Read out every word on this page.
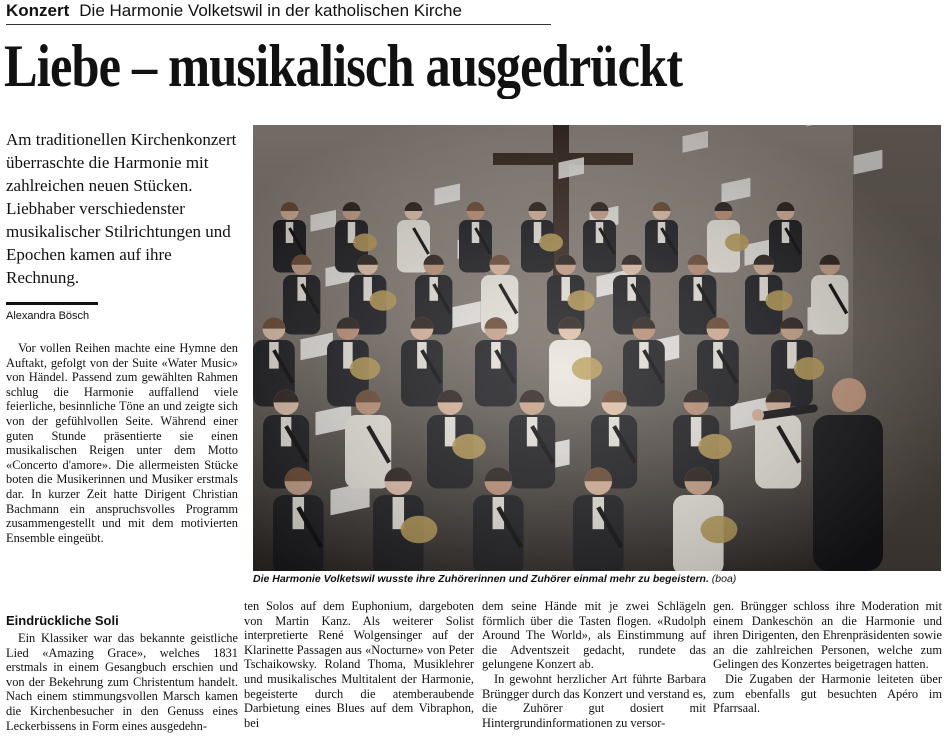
Konzert Die Harmonie Volketswil in der katholischen Kirche
Liebe – musikalisch ausgedrückt
Am traditionellen Kirchenkonzert überraschte die Harmonie mit zahlreichen neuen Stücken. Liebhaber verschiedenster musikalischer Stilrichtungen und Epochen kamen auf ihre Rechnung.
Alexandra Bösch

Vor vollen Reihen machte eine Hymne den Auftakt, gefolgt von der Suite «Water Music» von Händel. Passend zum gewählten Rahmen schlug die Harmonie auffallend viele feierliche, besinnliche Töne an und zeigte sich von der gefühlvollen Seite. Während einer guten Stunde präsentierte sie einen musikalischen Reigen unter dem Motto «Concerto d'amore». Die allermeisten Stücke boten die Musikerinnen und Musiker erstmals dar. In kurzer Zeit hatte Dirigent Christian Bachmann ein anspruchsvolles Programm zusammengestellt und mit dem motivierten Ensemble eingeübt.

Eindrückliche Soli

Ein Klassiker war das bekannte geistliche Lied «Amazing Grace», welches 1831 erstmals in einem Gesangbuch erschien und von der Bekehrung zum Christentum handelt. Nach einem stimmungsvollen Marsch kamen die Kirchenbesucher in den Genuss eines Leckerbissens in Form eines ausgedehn-

ten Solos auf dem Euphonium, dargeboten von Martin Kanz. Als weiterer Solist interpretierte René Wolgensinger auf der Klarinette Passagen aus «Nocturne» von Peter Tschaikowsky. Roland Thoma, Musiklehrer und musikalisches Multitalent der Harmonie, begeisterte durch die atemberaubende Darbietung eines Blues auf dem Vibraphon, bei

dem seine Hände mit je zwei Schlägeln förmlich über die Tasten flogen. «Rudolph Around The World», als Einstimmung auf die Adventszeit gedacht, rundete das gelungene Konzert ab.

In gewohnt herzlicher Art führte Barbara Brüngger durch das Konzert und verstand es, die Zuhörer gut dosiert mit Hintergrundinformationen zu versor-

gen. Brüngger schloss ihre Moderation mit einem Dankeschön an die Harmonie und ihren Dirigenten, den Ehrenpräsidenten sowie an die zahlreichen Personen, welche zum Gelingen des Konzertes beigetragen hatten.

Die Zugaben der Harmonie leiteten über zum ebenfalls gut besuchten Apéro im Pfarrsaal.

Die Harmonie Volketswil wusste ihre Zuhörerinnen und Zuhörer einmal mehr zu begeistern. (boa)
